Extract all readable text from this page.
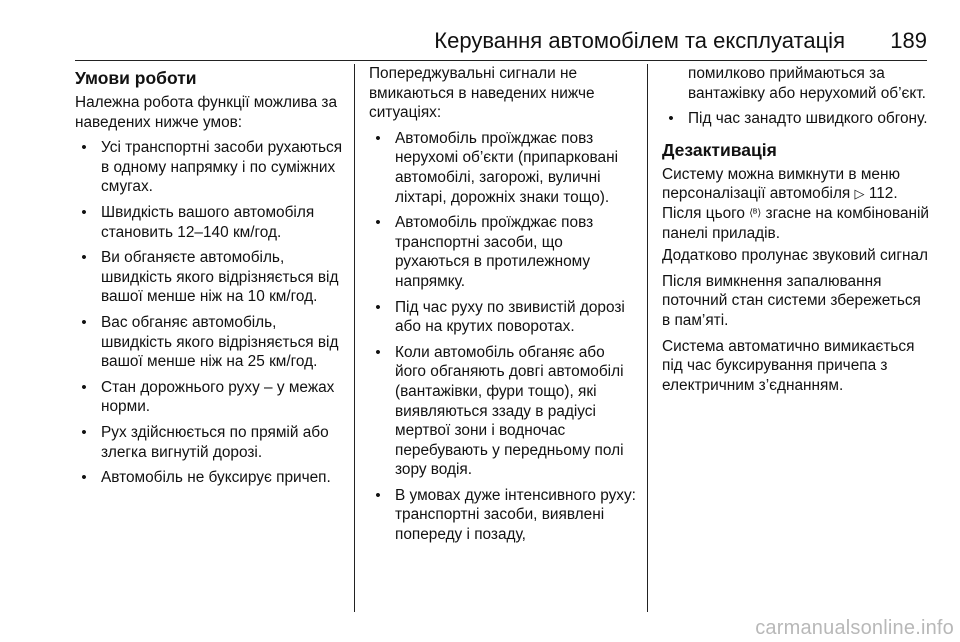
Керування автомобілем та експлуатація 189
Умови роботи

Належна робота функції можлива за наведених нижче умов:

• Усі транспортні засоби рухаються в одному напрямку і по суміжних смугах.
• Швидкість вашого автомобіля становить 12–140 км/год.
• Ви обганяєте автомобіль, швидкість якого відрізняється від вашої менше ніж на 10 км/год.
• Вас обганяє автомобіль, швидкість якого відрізняється від вашої менше ніж на 25 км/год.
• Стан дорожнього руху – у межах норми.
• Рух здійснюється по прямій або злегка вигнутій дорозі.
• Автомобіль не буксирує причеп.

Попереджувальні сигнали не вмикаються в наведених нижче ситуаціях:

• Автомобіль проїжджає повз нерухомі об’єкти (припарковані автомобілі, загорожі, вуличні ліхтарі, дорожніх знаки тощо).
• Автомобіль проїжджає повз транспортні засоби, що рухаються в протилежному напрямку.
• Під час руху по звивистій дорозі або на крутих поворотах.
• Коли автомобіль обганяє або його обганяють довгі автомобілі (вантажівки, фури тощо), які виявляються ззаду в радіусі мертвої зони і водночас перебувають у передньому полі зору водія.
• В умовах дуже інтенсивного руху: транспортні засоби, виявлені попереду і позаду,
помилково приймаються за вантажівку або нерухомий об’єкт.
• Під час занадто швидкого обгону.
Дезактивація

Систему можна вимкнути в меню персоналізації автомобіля ▷ 112. Після цього ⟨ᴮ⟩ згасне на комбінованій панелі приладів.

Додатково пролунає звуковий сигнал

Після вимкнення запалювання поточний стан системи збережеться в пам’яті.

Система автоматично вимикається під час буксирування причепа з електричним з’єднанням.

carmanualsonline.info
